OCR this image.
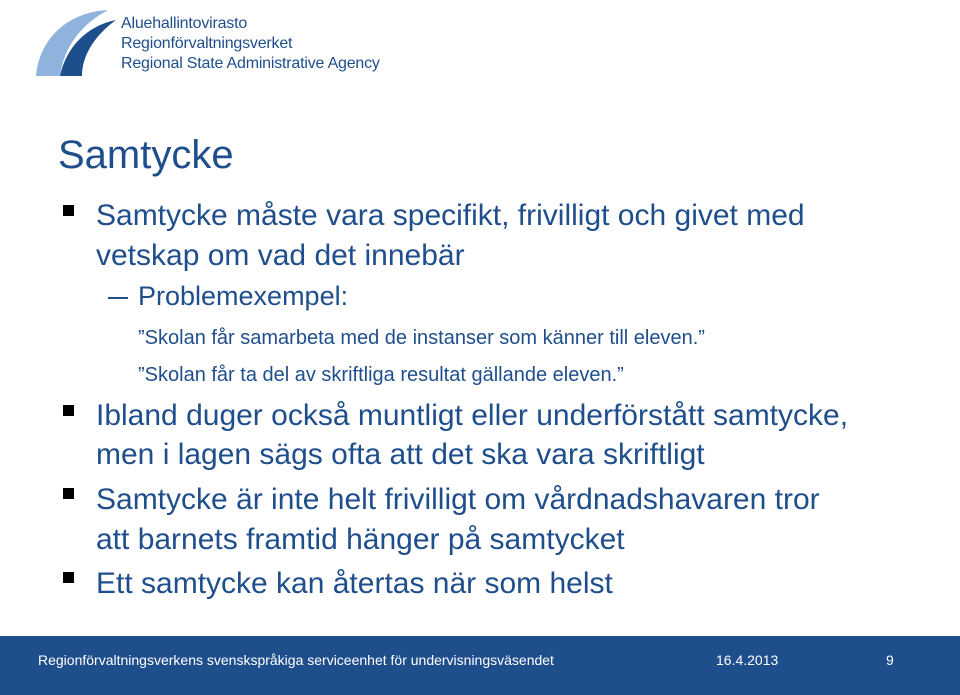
Aluehallintovirasto
Regionförvaltningsverket
Regional State Administrative Agency
Samtycke
Samtycke måste vara specifikt, frivilligt och givet med
vetskap om vad det innebär
Problemexempel:
”Skolan får samarbeta med de instanser som känner till eleven.”
”Skolan får ta del av skriftliga resultat gällande eleven.”
Ibland duger också muntligt eller underförstått samtycke,
men i lagen sägs ofta att det ska vara skriftligt
Samtycke är inte helt frivilligt om vårdnadshavaren tror
att barnets framtid hänger på samtycket
Ett samtycke kan återtas när som helst
Regionförvaltningsverkens svenskspråkiga serviceenhet för undervisningsväsendet	16.4.2013	9
